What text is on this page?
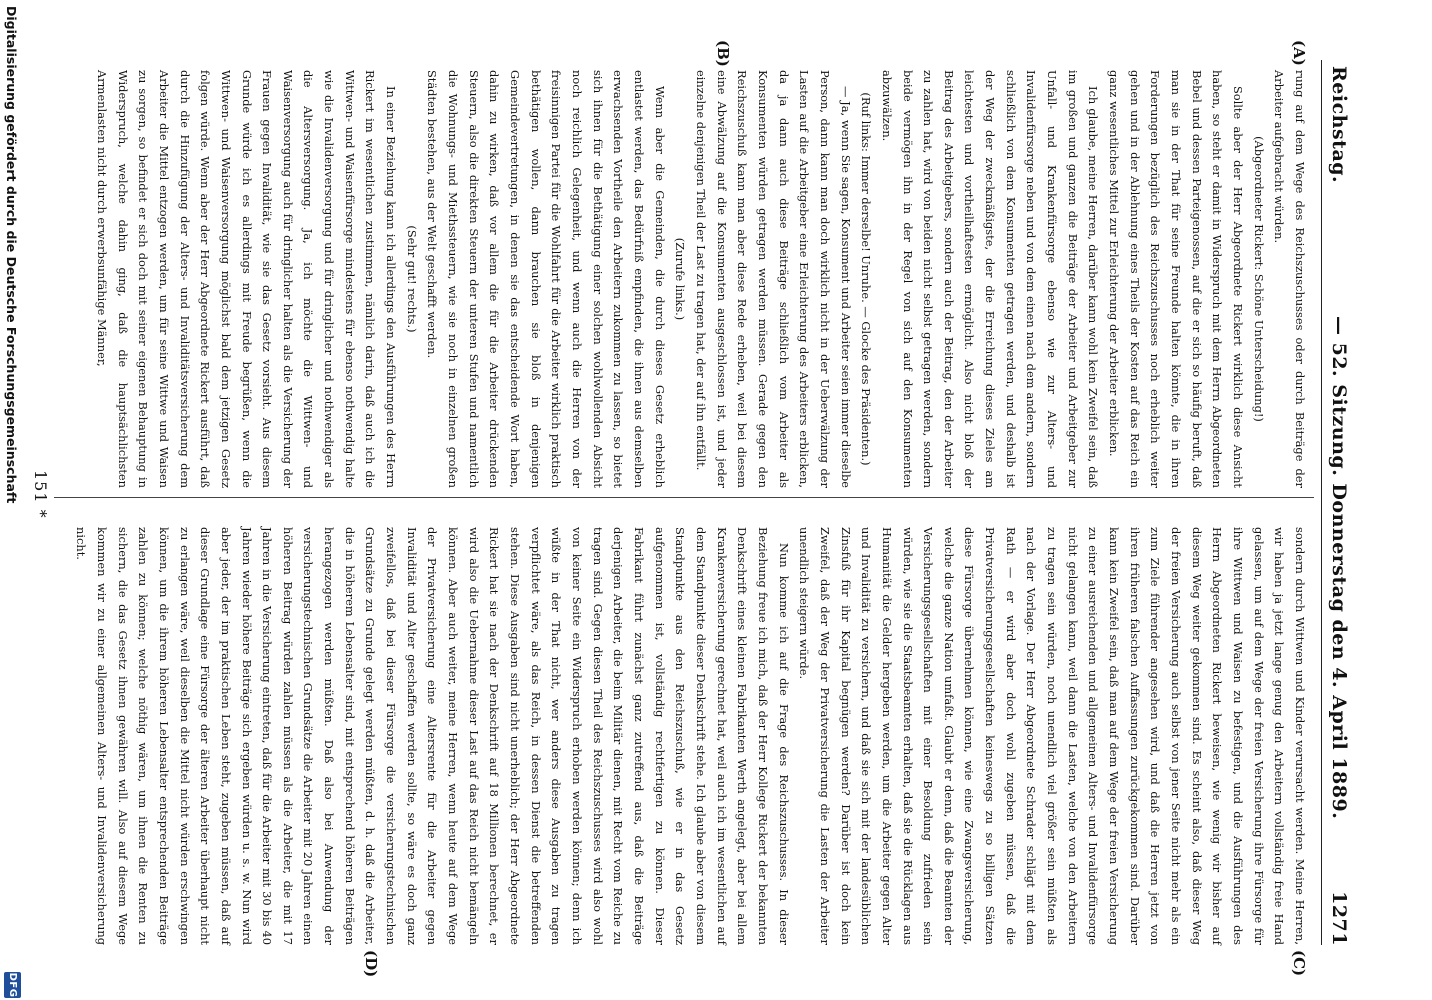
Reichstag.
— 52. Sitzung. Donnerstag den 4. April 1889.
1271
(A)
(B)
(C)
(D)

rung auf dem Wege des Reichszuschusses oder durch Beiträge der Arbeiter aufgebracht würden.

(Abgeordneter Rickert: Schöne Unterscheidung!)

Sollte aber der Herr Abgeordnete Rickert wirklich diese Ansicht haben, so steht er damit in Widerspruch mit dem Herrn Abgeordneten Bebel und dessen Parteigenossen, auf die er sich so häufig beruft, daß man sie in der That für seine Freunde halten könnte, die in ihren Forderungen bezüglich des Reichszuschusses noch erheblich weiter gehen und in der Ablehnung eines Theils der Kosten auf das Reich ein ganz wesentliches Mittel zur Erleichterung der Arbeiter erblicken.

Ich glaube, meine Herren, darüber kann wohl kein Zweifel sein, daß im großen und ganzen die Beiträge der Arbeiter und Arbeitgeber zur Unfall- und Krankenfürsorge ebenso wie zur Alters- und Invalidenfürsorge neben und von dem einen nach dem andern, sondern schließlich von dem Konsumenten getragen werden, und deshalb ist der Weg der zweckmäßigste, der die Erreichung dieses Zieles am leichtesten und vortheilhaftesten ermöglicht. Also nicht bloß der Beitrag des Arbeitgebers, sondern auch der Beitrag, den der Arbeiter zu zahlen hat, wird von beiden nicht selbst getragen werden, sondern beide vermögen ihn in der Regel von sich auf den Konsumenten abzuwälzen.

(Ruf links: Immer derselbe! Unruhe. — Glocke des Präsidenten.)

— Ja, wenn Sie sagen, Konsument und Arbeiter seien immer dieselbe Person, dann kann man doch wirklich nicht in der Ueberwälzung der Lasten auf die Arbeitgeber eine Erleichterung des Arbeiters erblicken, da ja dann auch diese Beiträge schließlich vom Arbeiter als Konsumenten würden getragen werden müssen. Gerade gegen den Reichszuschuß kann man aber diese Rede erheben, weil bei diesem eine Abwälzung auf die Konsumenten ausgeschlossen ist, und jeder einzelne denjenigen Theil der Last zu tragen hat, der auf ihn entfällt.

(Zurufe links.)

Wenn aber die Gemeinden, die durch dieses Gesetz erheblich entlastet werden, das Bedürfniß empfinden, die ihnen aus demselben erwachsenden Vortheile den Arbeitern zukommen zu lassen, so bietet sich ihnen für die Bethätigung einer solchen wohlwollenden Absicht noch reichlich Gelegenheit, und wenn auch die Herren von der freisinnigen Partei für die Wohlfahrt für die Arbeiter wirklich praktisch bethätigen wollen, dann brauchen sie bloß in denjenigen Gemeindevertretungen, in denen sie das entscheidende Wort haben, dahin zu wirken, daß vor allem die für die Arbeiter drückenden Steuern, also die direkten Steuern der unteren Stufen und namentlich die Wohnungs- und Miethssteuern, wie sie noch in einzelnen großen Städten bestehen, aus der Welt geschafft werden.

(Sehr gut! rechts.)

In einer Beziehung kann ich allerdings den Ausführungen des Herrn Rickert im wesentlichen zustimmen, nämlich darin, daß auch ich die Wittwen- und Waisenfürsorge mindestens für ebenso nothwendig halte wie die Invalidenversorgung und für dringlicher und nothwendiger als die Altersversorgung. Ja, ich möchte die Wittwen- und Waisenversorgung auch für dringlicher halten als die Versicherung der Frauen gegen Invalidität, wie sie das Gesetz vorsieht. Aus diesem Grunde würde ich es allerdings mit Freude begrüßen, wenn die Wittwen- und Waisenversorgung möglichst bald dem jetzigen Gesetz folgen würde. Wenn aber der Herr Abgeordnete Rickert ausführt, daß durch die Hinzufügung der Alters- und Invaliditätsversicherung dem Arbeiter die Mittel entzogen werden, um für seine Wittwe und Waisen zu sorgen, so befindet er sich doch mit seiner eigenen Behauptung in Widerspruch, welche dahin ging, daß die hauptsächlichsten Armenlasten nicht durch erwerbsunfähige Männer,

sondern durch Wittwen und Kinder verursacht werden. Meine Herren, wir haben ja jetzt lange genug den Arbeitern vollständig freie Hand gelassen, um auf dem Wege der freien Versicherung ihre Fürsorge für ihre Wittwen und Waisen zu befestigen, und die Ausführungen des Herrn Abgeordneten Rickert beweisen, wie wenig wir bisher auf diesem Weg weiter gekommen sind. Es scheint also, daß dieser Weg der freien Versicherung auch selbst von jener Seite nicht mehr als ein zum Ziele führender angesehen wird, und daß die Herren jetzt von ihren früheren falschen Auffassungen zurückgekommen sind. Darüber kann kein Zweifel sein, daß man auf dem Wege der freien Versicherung zu einer ausreichenden und allgemeinen Alters- und Invalidenfürsorge nicht gelangen kann, weil dann die Lasten, welche von den Arbeitern zu tragen sein würden, noch unendlich viel größer sein müßten als nach der Vorlage. Der Herr Abgeordnete Schrader schlägt mit dem Rath — er wird aber doch wohl zugeben müssen, daß die Privatversicherungsgesellschaften keineswegs zu so billigen Sätzen diese Fürsorge übernehmen können, wie eine Zwangsversicherung, welche die ganze Nation umfaßt. Glaubt er denn, daß die Beamten der Versicherungsgesellschaften mit einer Besoldung zufrieden sein würden, wie sie die Staatsbeamten erhalten, daß sie die Rücklagen aus Humanität die Gelder hergeben werden, um die Arbeiter gegen Alter und Invalidität zu versichern, und daß sie sich mit der landesüblichen Zinsfuß für ihr Kapital begnügen werden? Darüber ist doch kein Zweifel, daß der Weg der Privatversicherung die Lasten der Arbeiter unendlich steigern würde.

Nun komme ich auf die Frage des Reichszuschusses. In dieser Beziehung freue ich mich, daß der Herr Kollege Rickert der bekannten Denkschrift eines kleinen Fabrikanten Werth angelegt, aber bei allem Krankenversicherung gerechnet hat, weil auch ich im wesentlichen auf dem Standpunkte dieser Denkschrift stehe. Ich glaube aber von diesem Standpunkte aus den Reichszuschuß, wie er in das Gesetz aufgenommen ist, vollständig rechtfertigen zu können. Dieser Fabrikant führt zunächst ganz zutreffend aus, daß die Beiträge derjenigen Arbeiter, die beim Militär dienen, mit Recht vom Reiche zu tragen sind. Gegen diesen Theil des Reichszuschusses wird also wohl von keiner Seite ein Widerspruch erhoben werden können; denn ich wüßte in der That nicht, wer anders diese Ausgaben zu tragen verpflichtet wäre, als das Reich, in dessen Dienst die betreffenden stehen. Diese Ausgaben sind nicht unerheblich; der Herr Abgeordnete Rickert hat sie nach der Denkschrift auf 18 Millionen berechnet, er wird also die Uebernahme dieser Last auf das Reich nicht bemängeln können. Aber auch weiter, meine Herren, wenn heute auf dem Wege der Privatversicherung eine Altersrente für die Arbeiter gegen Invalidität und Alter geschaffen werden sollte, so wäre es doch ganz zweifellos, daß bei dieser Fürsorge die versicherungstechnischen Grundsätze zu Grunde gelegt werden müßten, d. h. daß die Arbeiter, die in höherem Lebensalter sind, mit entsprechend höheren Beiträgen herangezogen werden müßten. Daß also bei Anwendung der versicherungstechnischen Grundsätze die Arbeiter mit 20 Jahren einen höheren Beitrag würden zahlen müssen als die Arbeiter, die mit 17 Jahren in die Versicherung eintreten, daß für die Arbeiter mit 30 bis 40 Jahren wieder höhere Beiträge sich ergeben würden u. s. w. Nun wird aber jeder, der im praktischen Leben steht, zugeben müssen, daß auf dieser Grundlage eine Fürsorge der älteren Arbeiter überhaupt nicht zu erlangen wäre, weil dieselben die Mittel nicht würden erschwingen können, um die ihrem höheren Lebensalter entsprechenden Beiträge zahlen zu können; welche nöthig wären, um ihnen die Renten zu sichern, die das Gesetz ihnen gewähren will. Also auf diesem Wege kommen wir zu einer allgemeinen Alters- und Invalidenversicherung nicht.

151 *
Digitalisierung gefördert durch die Deutsche Forschungsgemeinschaft
DFG
